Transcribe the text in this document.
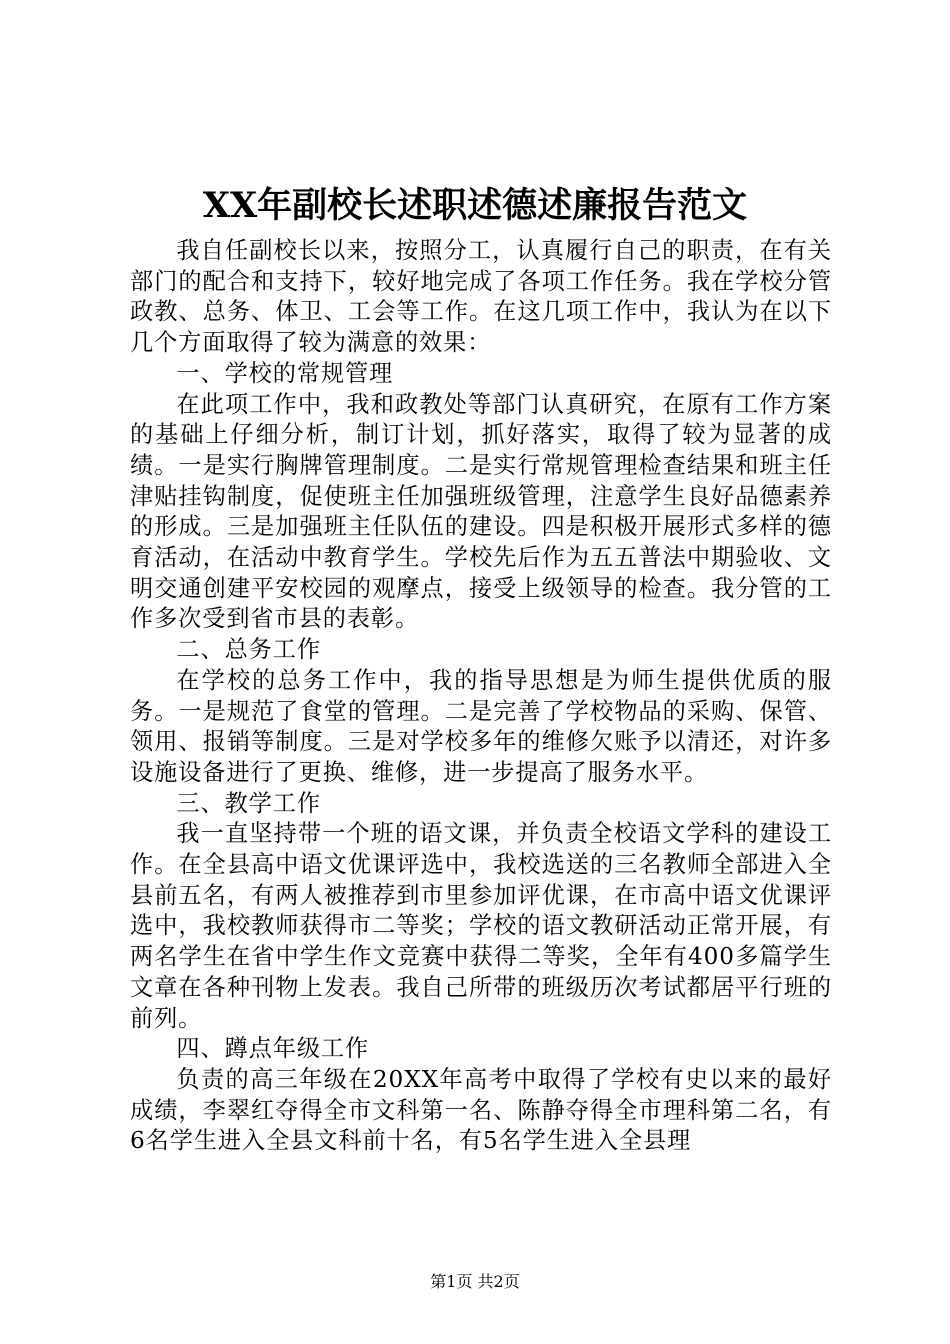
XX年副校长述职述德述廉报告范文

我自任副校长以来，按照分工，认真履行自己的职责，在有关部门的配合和支持下，较好地完成了各项工作任务。我在学校分管政教、总务、体卫、工会等工作。在这几项工作中，我认为在以下几个方面取得了较为满意的效果：

一、学校的常规管理

在此项工作中，我和政教处等部门认真研究，在原有工作方案的基础上仔细分析，制订计划，抓好落实，取得了较为显著的成绩。一是实行胸牌管理制度。二是实行常规管理检查结果和班主任津贴挂钩制度，促使班主任加强班级管理，注意学生良好品德素养的形成。三是加强班主任队伍的建设。四是积极开展形式多样的德育活动，在活动中教育学生。学校先后作为五五普法中期验收、文明交通创建平安校园的观摩点，接受上级领导的检查。我分管的工作多次受到省市县的表彰。

二、总务工作

在学校的总务工作中，我的指导思想是为师生提供优质的服务。一是规范了食堂的管理。二是完善了学校物品的采购、保管、领用、报销等制度。三是对学校多年的维修欠账予以清还，对许多设施设备进行了更换、维修，进一步提高了服务水平。

三、教学工作

我一直坚持带一个班的语文课，并负责全校语文学科的建设工作。在全县高中语文优课评选中，我校选送的三名教师全部进入全县前五名，有两人被推荐到市里参加评优课，在市高中语文优课评选中，我校教师获得市二等奖；学校的语文教研活动正常开展，有两名学生在省中学生作文竞赛中获得二等奖，全年有400多篇学生文章在各种刊物上发表。我自己所带的班级历次考试都居平行班的前列。

四、蹲点年级工作

负责的高三年级在20XX年高考中取得了学校有史以来的最好成绩，李翠红夺得全市文科第一名、陈静夺得全市理科第二名，有6名学生进入全县文科前十名，有5名学生进入全县理

第1页 共2页
